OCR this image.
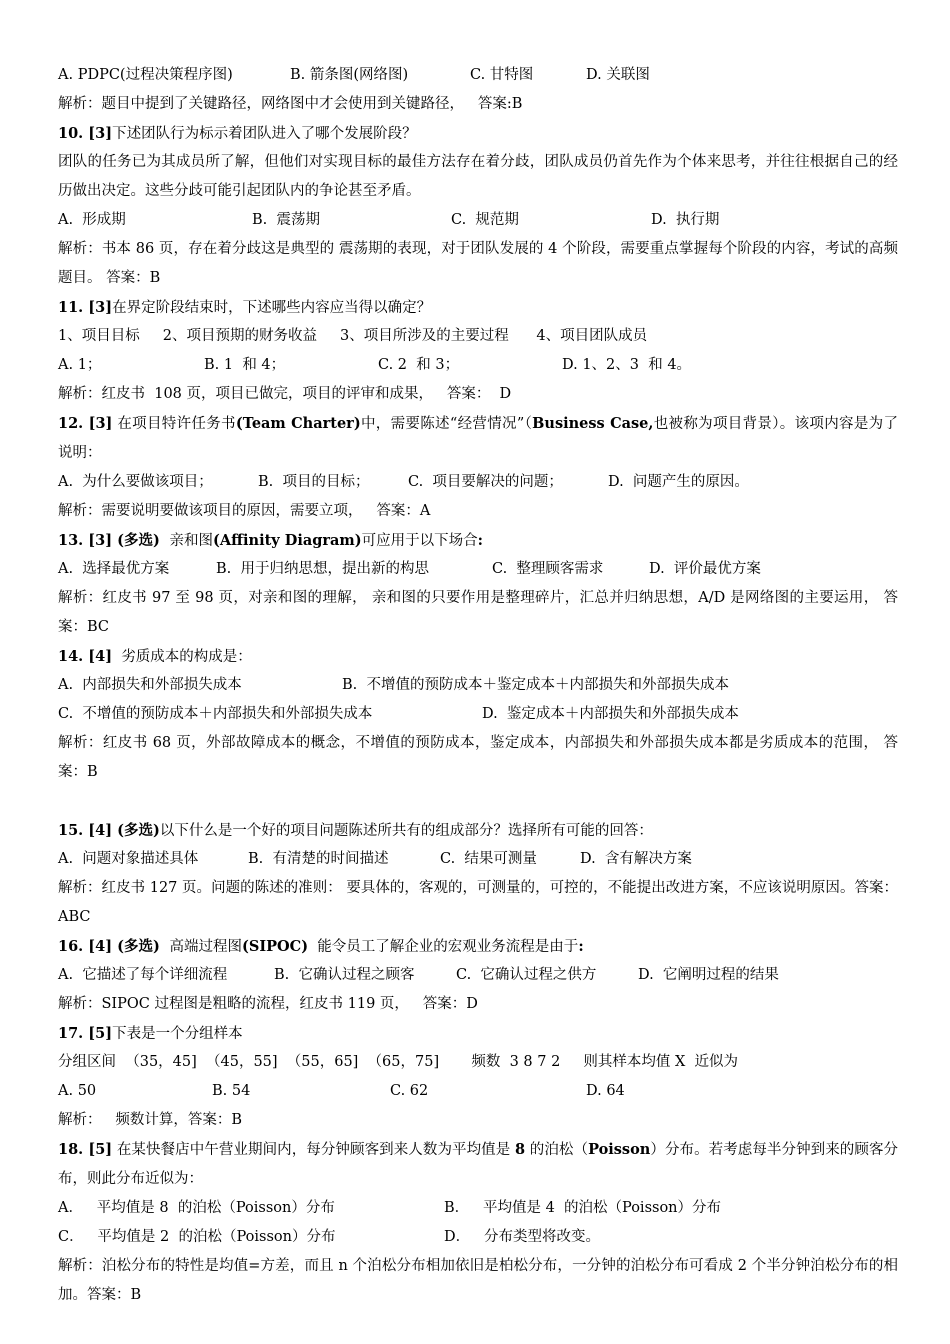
A. PDPC(过程决策程序图)	B. 箭条图(网络图)	C. 甘特图	D. 关联图
解析：题目中提到了关键路径，网络图中才会使用到关键路径，   答案:B
10. [3]下述团队行为标示着团队进入了哪个发展阶段？
团队的任务已为其成员所了解，但他们对实现目标的最佳方法存在着分歧，团队成员仍首先作为个体来思考，并往往根据自己的经历做出决定。这些分歧可能引起团队内的争论甚至矛盾。
A.  形成期	B.  震荡期	C.  规范期	D.  执行期
解析：书本 86 页，存在着分歧这是典型的 震荡期的表现，对于团队发展的 4 个阶段，需要重点掌握每个阶段的内容，考试的高频题目。 答案：B
11. [3]在界定阶段结束时，下述哪些内容应当得以确定？
1、项目目标     2、项目预期的财务收益     3、项目所涉及的主要过程      4、项目团队成员
A. 1；	B. 1  和 4；	C. 2  和 3；	D. 1、2、3  和 4。
解析：红皮书  108 页，项目已做完，项目的评审和成果，   答案：  D
12. [3] 在项目特许任务书(Team Charter)中，需要陈述“经营情况”（Business Case,也被称为项目背景）。该项内容是为了说明：
A.  为什么要做该项目；	B.  项目的目标；	C.  项目要解决的问题；	D.  问题产生的原因。
解析：需要说明要做该项目的原因，需要立项，   答案：A
13. [3] (多选)  亲和图(Affinity Diagram)可应用于以下场合:
A.  选择最优方案	B.  用于归纳思想，提出新的构思	C.  整理顾客需求	D.  评价最优方案
解析：红皮书 97 至 98 页，对亲和图的理解， 亲和图的只要作用是整理碎片，汇总并归纳思想，A/D 是网络图的主要运用， 答案：BC
14. [4]  劣质成本的构成是：
A.  内部损失和外部损失成本	B.  不增值的预防成本＋鉴定成本＋内部损失和外部损失成本
C.  不增值的预防成本＋内部损失和外部损失成本	D.  鉴定成本＋内部损失和外部损失成本
解析：红皮书 68 页，外部故障成本的概念，不增值的预防成本，鉴定成本，内部损失和外部损失成本都是劣质成本的范围， 答案：B
15. [4] (多选)以下什么是一个好的项目问题陈述所共有的组成部分？选择所有可能的回答：
A.  问题对象描述具体	B.  有清楚的时间描述	C.  结果可测量	D.  含有解决方案
解析：红皮书 127 页。问题的陈述的准则： 要具体的，客观的，可测量的，可控的，不能提出改进方案，不应该说明原因。答案：ABC
16. [4] (多选)  高端过程图(SIPOC)  能令员工了解企业的宏观业务流程是由于:
A.  它描述了每个详细流程	B.  它确认过程之顾客	C.  它确认过程之供方	D.  它阐明过程的结果
解析：SIPOC 过程图是粗略的流程，红皮书 119 页，   答案：D
17. [5]下表是一个分组样本
分组区间  （35，45]  （45，55]  （55，65]  （65，75]       频数  3 8 7 2     则其样本均值 X  近似为
A. 50	B. 54	C. 62	D. 64
解析：   频数计算，答案：B
18. [5] 在某快餐店中午营业期间内，每分钟顾客到来人数为平均值是 8 的泊松（Poisson）分布。若考虑每半分钟到来的顾客分布，则此分布近似为：
A．   平均值是 8  的泊松（Poisson）分布	B．   平均值是 4  的泊松（Poisson）分布
C．   平均值是 2  的泊松（Poisson）分布	D．   分布类型将改变。
解析：泊松分布的特性是均值=方差，而且 n 个泊松分布相加依旧是柏松分布，一分钟的泊松分布可看成 2 个半分钟泊松分布的相加。答案：B
